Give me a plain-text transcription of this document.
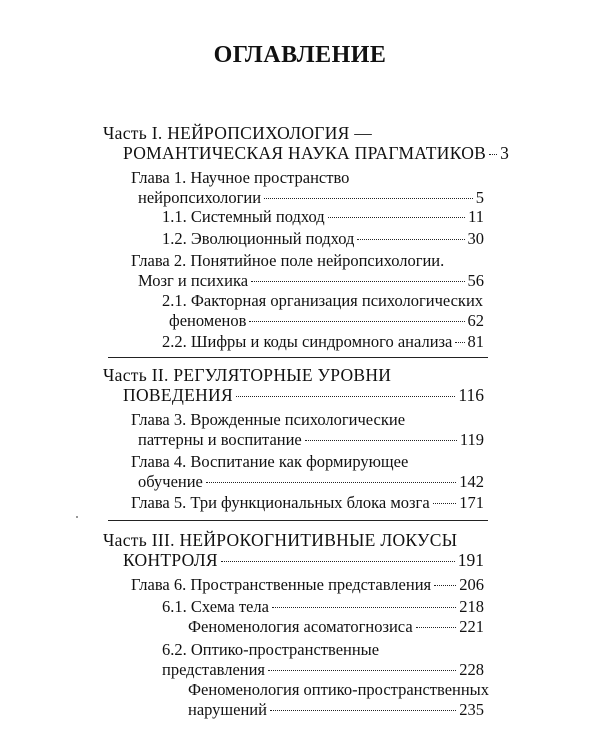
ОГЛАВЛЕНИЕ
Часть I. НЕЙРОПСИХОЛОГИЯ —
РОМАНТИЧЕСКАЯ НАУКА ПРАГМАТИКОВ 3
Глава 1. Научное пространство
нейропсихологии	5
1.1. Системный подход	11
1.2. Эволюционный подход	30
Глава 2. Понятийное поле нейропсихологии.
Мозг и психика	56
2.1. Факторная организация психологических
феноменов	62
2.2. Шифры и коды синдромного анализа 81
Часть II. РЕГУЛЯТОРНЫЕ УРОВНИ
ПОВЕДЕНИЯ	116
Глава 3. Врожденные психологические
паттерны и воспитание	119
Глава 4. Воспитание как формирующее
обучение	142
Глава 5. Три функциональных блока мозга 171
Часть III. НЕЙРОКОГНИТИВНЫЕ ЛОКУСЫ
КОНТРОЛЯ	191
Глава 6. Пространственные представления 206
6.1. Схема тела	218
Феноменология асоматогнозиса	221
6.2. Оптико-пространственные
представления	228
Феноменология оптико-пространственных
нарушений	235
